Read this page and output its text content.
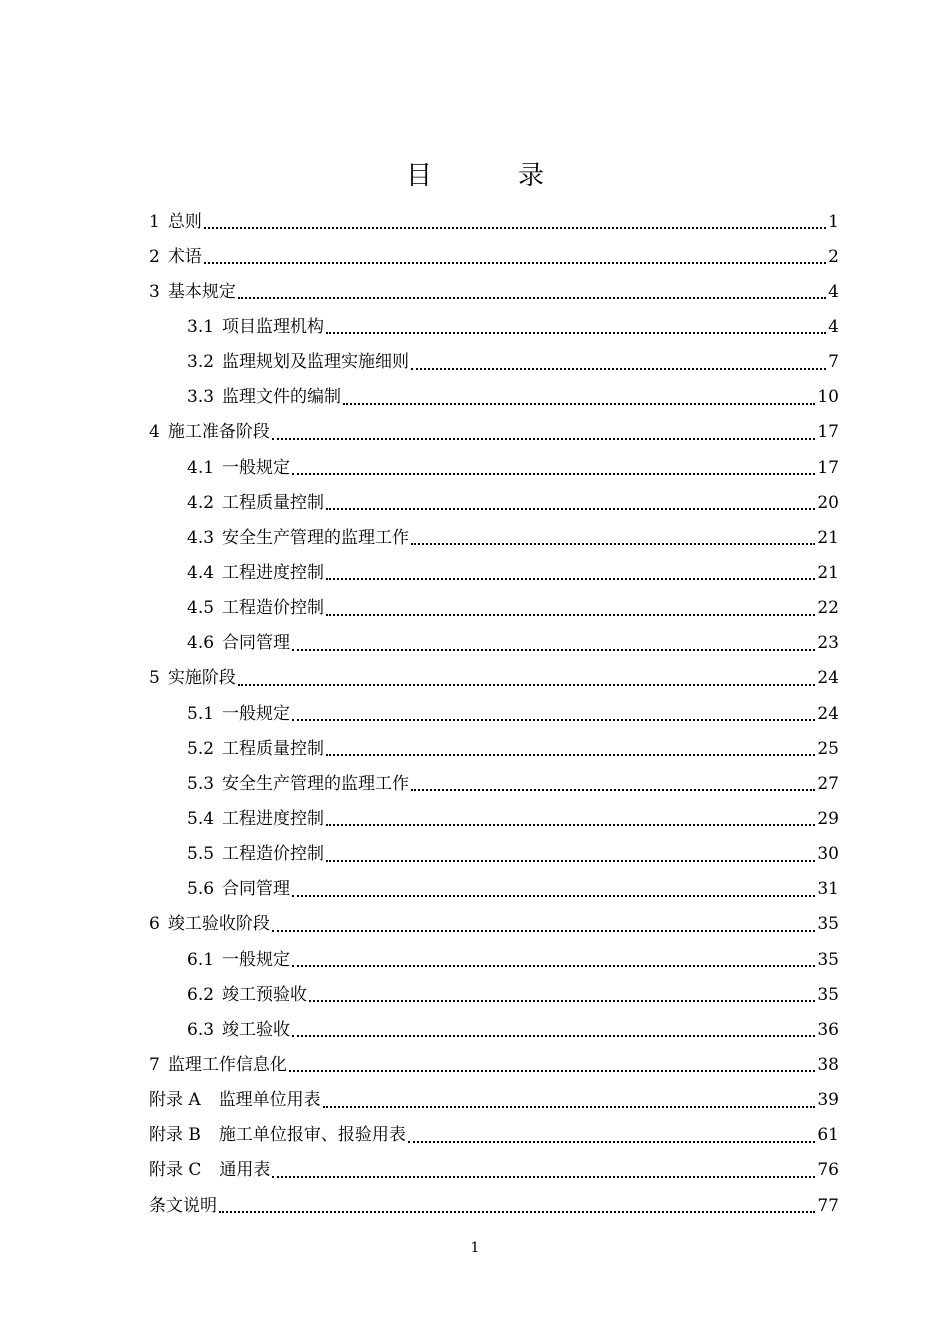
目　录
1 总则	1
2 术语	2
3 基本规定	4
3.1 项目监理机构	4
3.2 监理规划及监理实施细则	7
3.3 监理文件的编制	10
4 施工准备阶段	17
4.1 一般规定	17
4.2 工程质量控制	20
4.3 安全生产管理的监理工作	21
4.4 工程进度控制	21
4.5 工程造价控制	22
4.6 合同管理	23
5 实施阶段	24
5.1 一般规定	24
5.2 工程质量控制	25
5.3 安全生产管理的监理工作	27
5.4 工程进度控制	29
5.5 工程造价控制	30
5.6 合同管理	31
6 竣工验收阶段	35
6.1 一般规定	35
6.2 竣工预验收	35
6.3 竣工验收	36
7 监理工作信息化	38
附录 A 监理单位用表	39
附录 B 施工单位报审、报验用表	61
附录 C 通用表	76
条文说明	77
1
